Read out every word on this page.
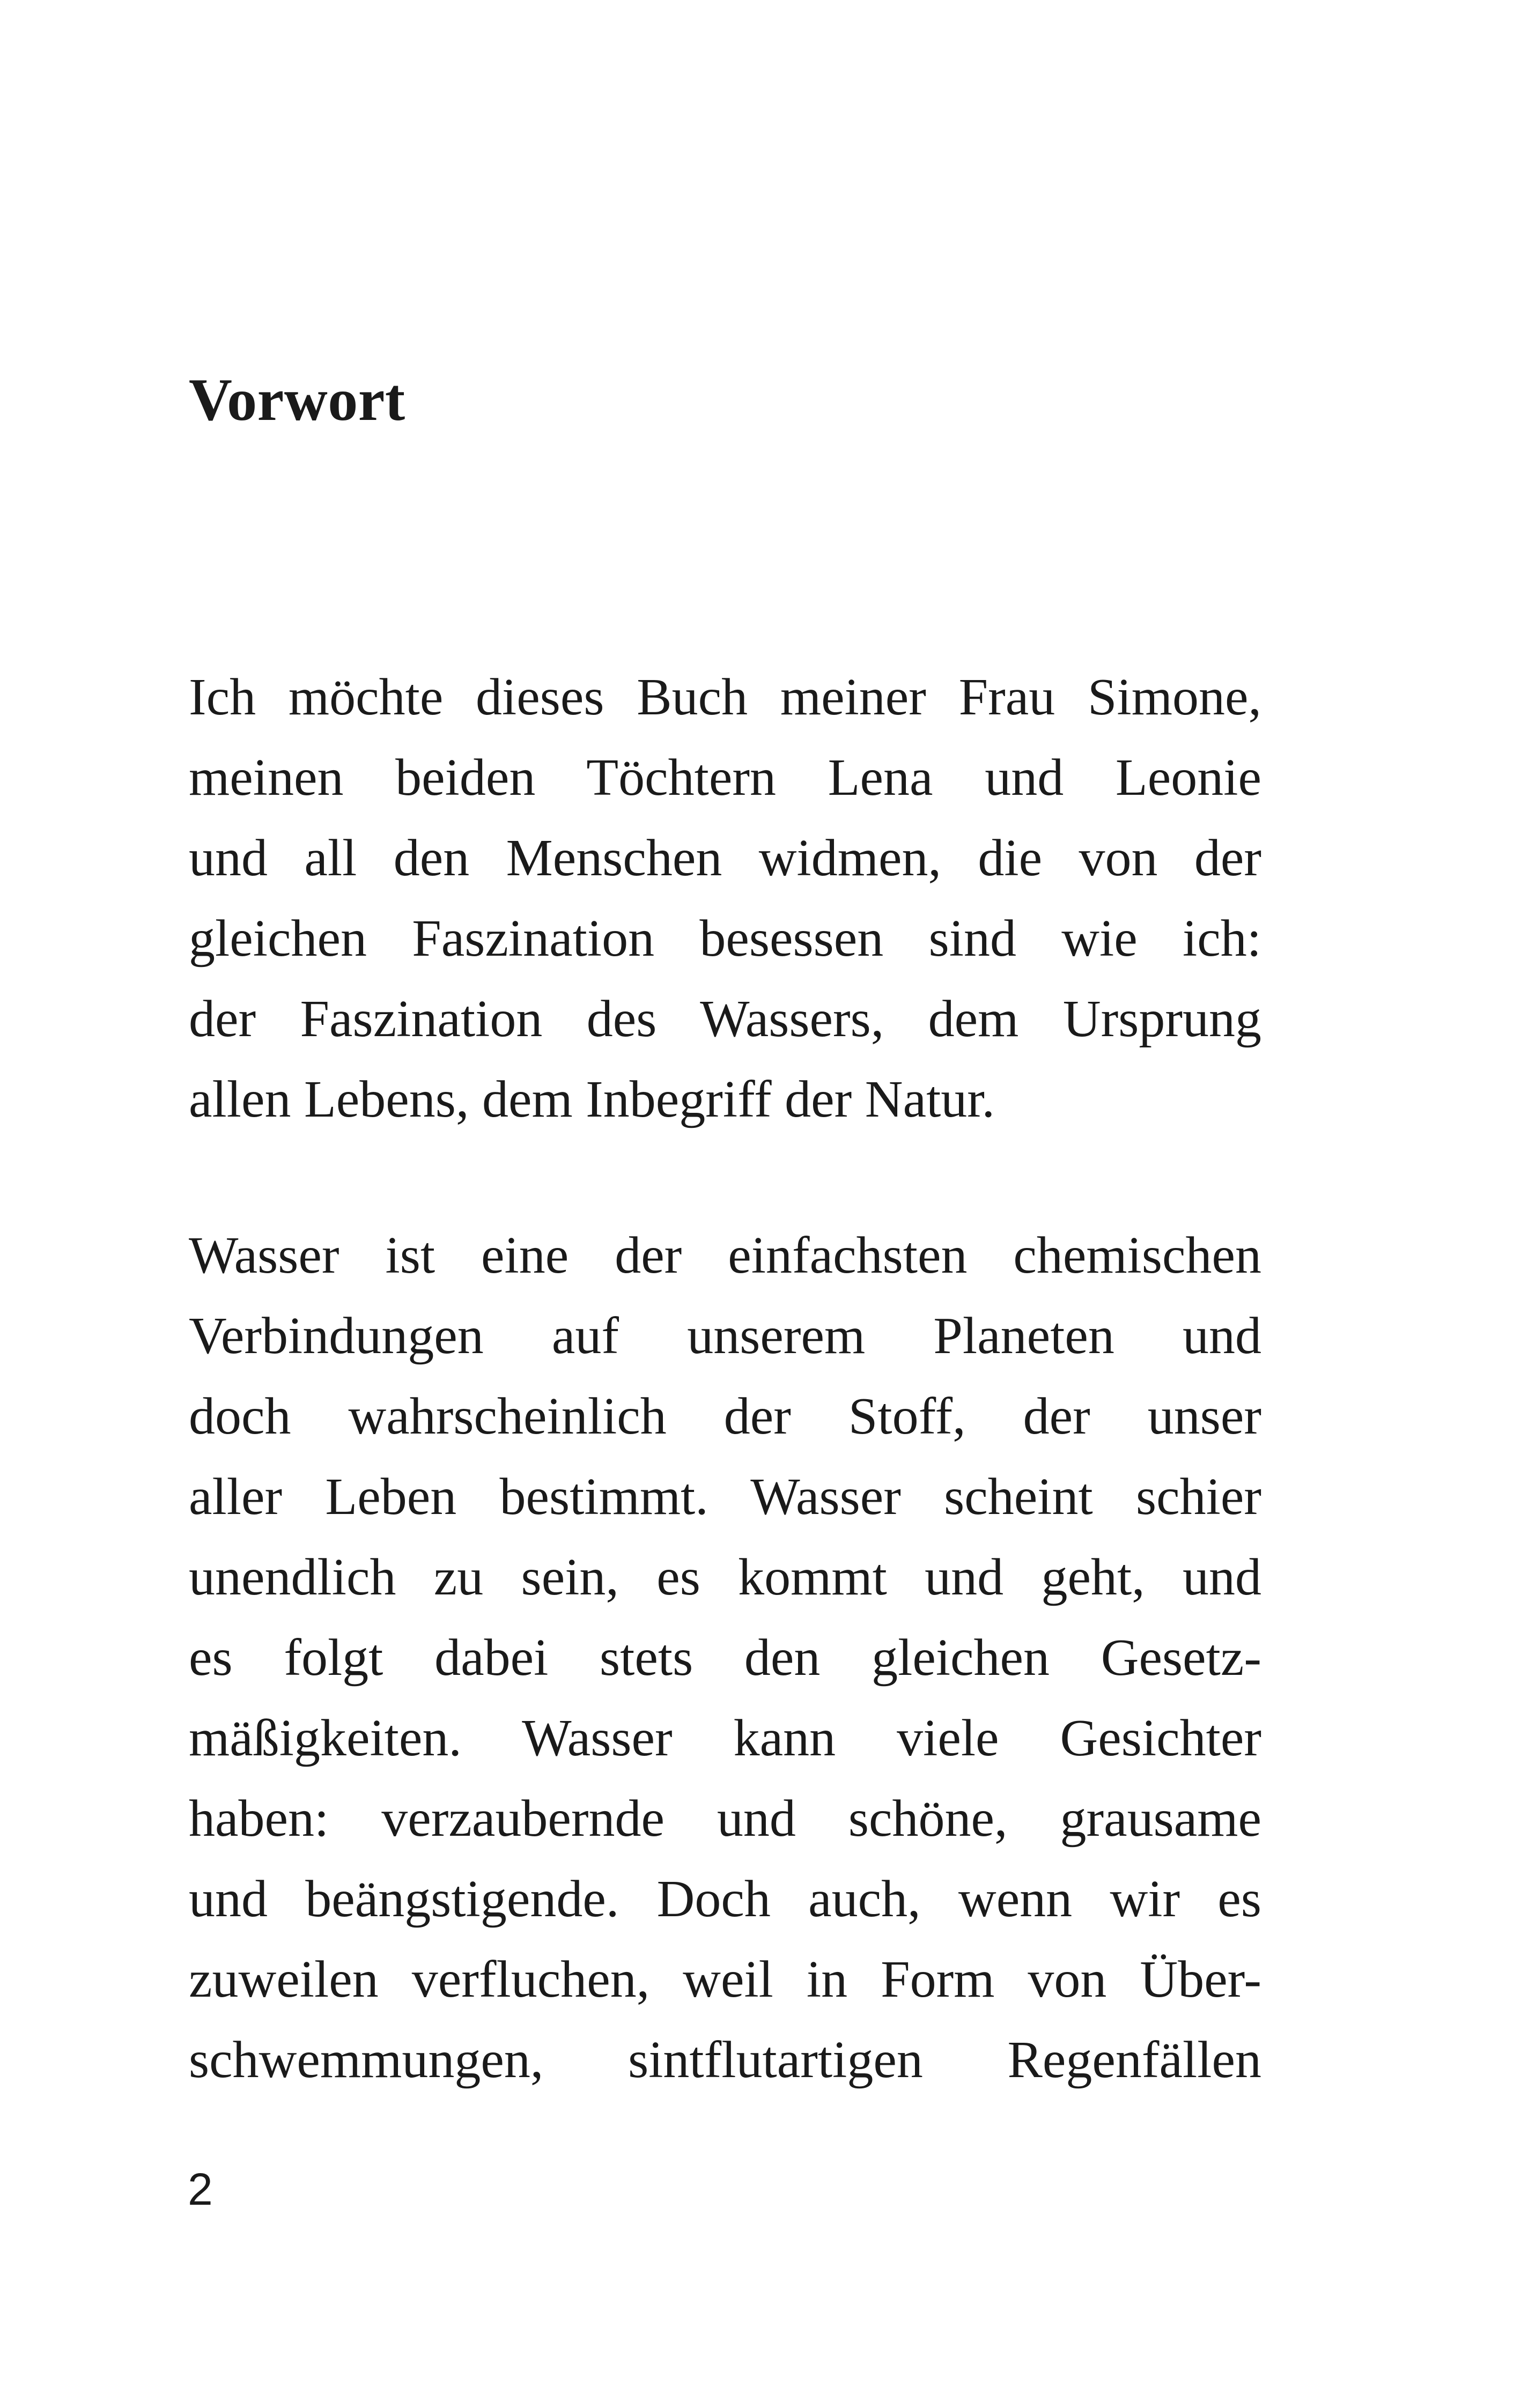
Vorwort
Ich möchte dieses Buch meiner Frau Simone,
meinen beiden Töchtern Lena und Leonie
und all den Menschen widmen, die von der
gleichen Faszination besessen sind wie ich:
der Faszination des Wassers, dem Ursprung
allen Lebens, dem Inbegriff der Natur.
Wasser ist eine der einfachsten chemischen
Verbindungen auf unserem Planeten und
doch wahrscheinlich der Stoff, der unser
aller Leben bestimmt. Wasser scheint schier
unendlich zu sein, es kommt und geht, und
es folgt dabei stets den gleichen Gesetz-
mäßigkeiten. Wasser kann viele Gesichter
haben: verzaubernde und schöne, grausame
und beängstigende. Doch auch, wenn wir es
zuweilen verfluchen, weil in Form von Über-
schwemmungen, sintflutartigen Regenfällen
2
